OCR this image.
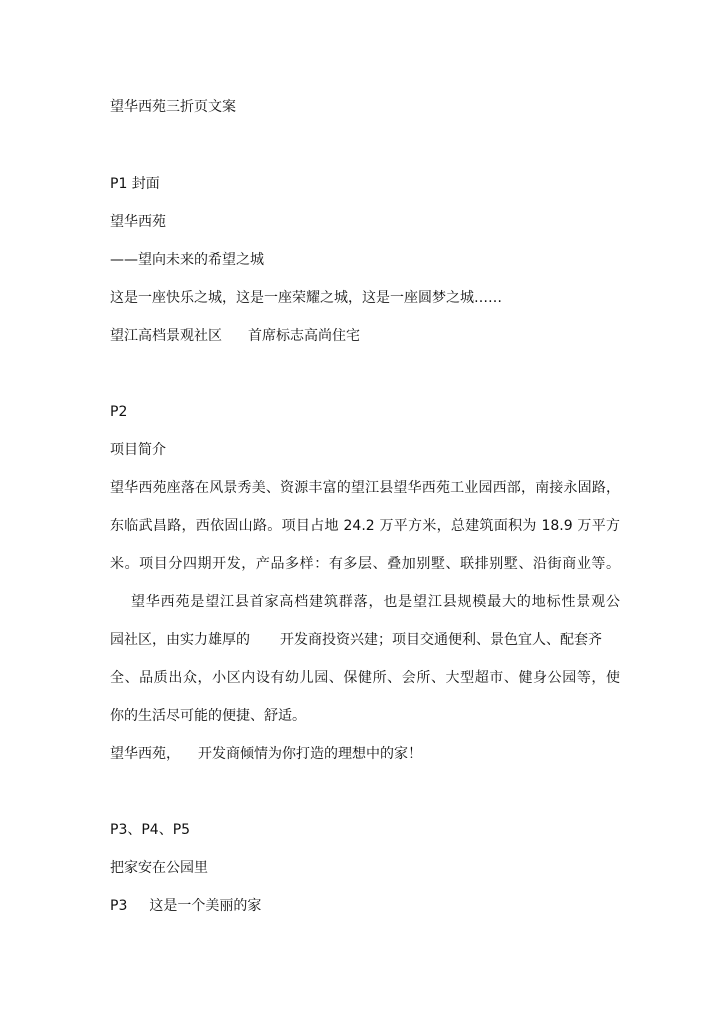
望华西苑三折页文案
P1 封面
望华西苑
——望向未来的希望之城
这是一座快乐之城，这是一座荣耀之城，这是一座圆梦之城……
望江高档景观社区 首席标志高尚住宅
P2
项目简介
望华西苑座落在风景秀美、资源丰富的望江县望华西苑工业园西部，南接永固路，
东临武昌路，西依固山路。项目占地 24.2 万平方米，总建筑面积为 18.9 万平方
米。项目分四期开发，产品多样：有多层、叠加别墅、联排别墅、沿街商业等。
望华西苑是望江县首家高档建筑群落，也是望江县规模最大的地标性景观公
园社区，由实力雄厚的 开发商投资兴建；项目交通便利、景色宜人、配套齐
全、品质出众，小区内设有幼儿园、保健所、会所、大型超市、健身公园等，使
你的生活尽可能的便捷、舒适。
望华西苑， 开发商倾情为你打造的理想中的家！
P3、P4、P5
把家安在公园里
P3 这是一个美丽的家
